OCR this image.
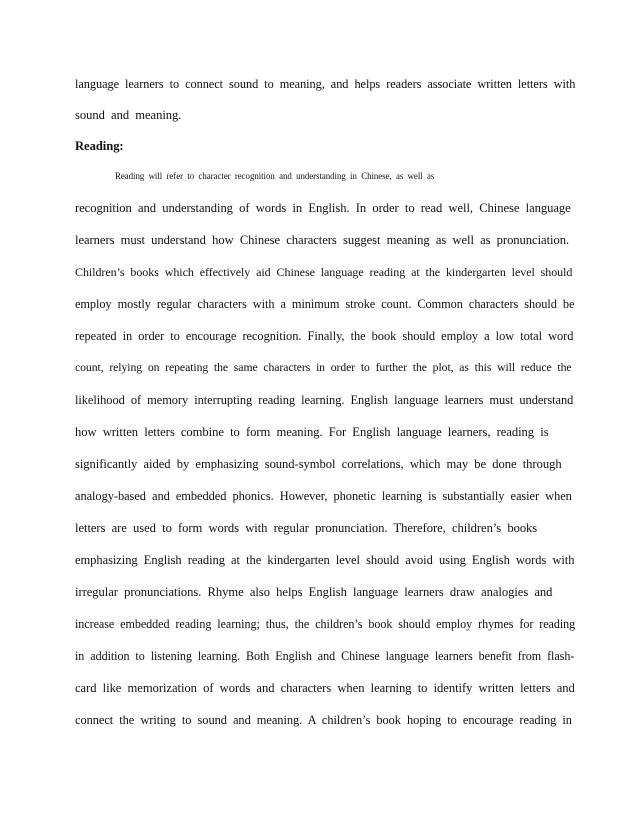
language  learners  to  connect  sound  to  meaning,  and  helps  readers  associate  written  letters  with
sound  and  meaning.
Reading:
Reading  will  refer  to  character  recognition  and  understanding  in  Chinese,  as  well  as
recognition  and  understanding  of  words  in  English.  In  order  to  read  well,  Chinese  language
learners  must  understand  how  Chinese  characters  suggest  meaning  as  well  as  pronunciation.
Children’s  books  which  effectively  aid  Chinese  language  reading  at  the  kindergarten  level  should
employ  mostly  regular  characters  with  a  minimum  stroke  count.  Common  characters  should  be
repeated  in  order  to  encourage  recognition.  Finally,  the  book  should  employ  a  low  total  word
count,  relying  on  repeating  the  same  characters  in  order  to  further  the  plot,  as  this  will  reduce  the
likelihood  of  memory  interrupting  reading  learning.  English  language  learners  must  understand
how  written  letters  combine  to  form  meaning.  For  English  language  learners,  reading  is
significantly  aided  by  emphasizing  sound-symbol  correlations,  which  may  be  done  through
analogy-based  and  embedded  phonics.  However,  phonetic  learning  is  substantially  easier  when
letters  are  used  to  form  words  with  regular  pronunciation.  Therefore,  children’s  books
emphasizing  English  reading  at  the  kindergarten  level  should  avoid  using  English  words  with
irregular  pronunciations.  Rhyme  also  helps  English  language  learners  draw  analogies  and
increase  embedded  reading  learning;  thus,  the  children’s  book  should  employ  rhymes  for  reading
in  addition  to  listening  learning.  Both  English  and  Chinese  language  learners  benefit  from  flash-
card  like  memorization  of  words  and  characters  when  learning  to  identify  written  letters  and
connect  the  writing  to  sound  and  meaning.  A  children’s  book  hoping  to  encourage  reading  in
